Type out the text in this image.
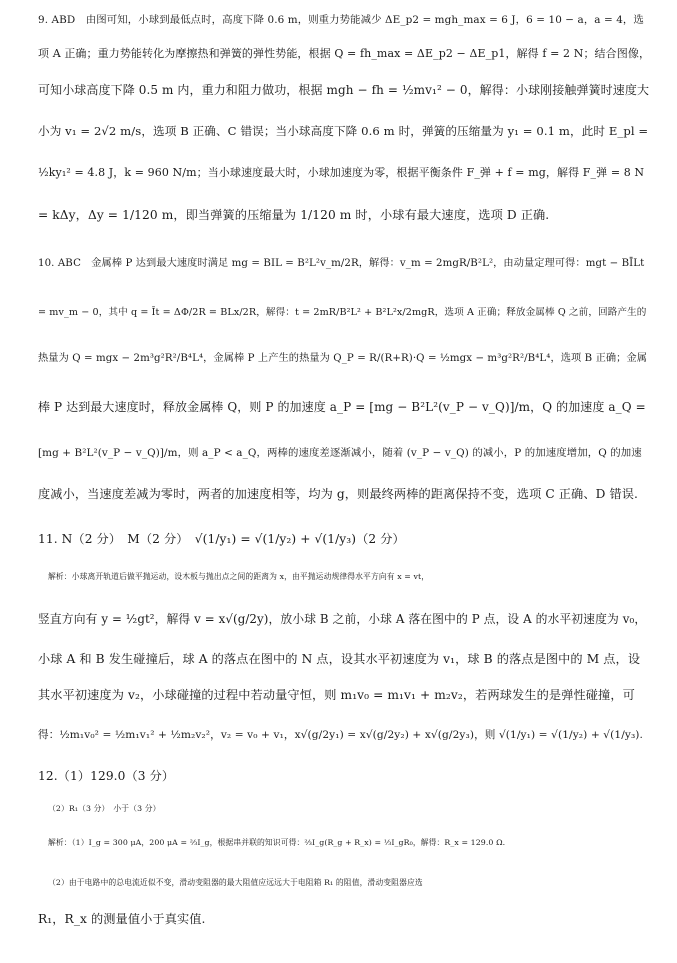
9. ABD　由图可知，小球到最低点时，高度下降 0.6 m，则重力势能减少 ΔE_p2 = mgh_max = 6 J，6 = 10 − a，a = 4，选
项 A 正确；重力势能转化为摩擦热和弹簧的弹性势能，根据 Q = fh_max = ΔE_p2 − ΔE_p1，解得 f = 2 N；结合图像，
可知小球高度下降 0.5 m 内，重力和阻力做功，根据 mgh − fh = ½mv₁² − 0，解得：小球刚接触弹簧时速度大
小为 v₁ = 2√2 m/s，选项 B 正确、C 错误；当小球高度下降 0.6 m 时，弹簧的压缩量为 y₁ = 0.1 m，此时 E_pl =
½ky₁² = 4.8 J，k = 960 N/m；当小球速度最大时，小球加速度为零，根据平衡条件 F_弹 + f = mg，解得 F_弹 = 8 N
= kΔy，Δy = 1/120 m，即当弹簧的压缩量为 1/120 m 时，小球有最大速度，选项 D 正确.
10. ABC　金属棒 P 达到最大速度时满足 mg = BIL = B²L²v_m/2R，解得：v_m = 2mgR/B²L²，由动量定理可得：mgt − BĪLt
= mv_m − 0，其中 q = Īt = ΔΦ/2R = BLx/2R，解得：t = 2mR/B²L² + B²L²x/2mgR，选项 A 正确；释放金属棒 Q 之前，回路产生的
热量为 Q = mgx − 2m³g²R²/B⁴L⁴，金属棒 P 上产生的热量为 Q_P = R/(R+R)·Q = ½mgx − m³g²R²/B⁴L⁴，选项 B 正确；金属
棒 P 达到最大速度时，释放金属棒 Q，则 P 的加速度 a_P = [mg − B²L²(v_P − v_Q)]/m，Q 的加速度 a_Q =
[mg + B²L²(v_P − v_Q)]/m，则 a_P < a_Q，两棒的速度差逐渐减小，随着 (v_P − v_Q) 的减小，P 的加速度增加，Q 的加速
度减小，当速度差减为零时，两者的加速度相等，均为 g，则最终两棒的距离保持不变，选项 C 正确、D 错误.
11. N（2 分）　M（2 分）　√(1/y₁) = √(1/y₂) + √(1/y₃)（2 分）
解析：小球离开轨道后做平抛运动，设木板与抛出点之间的距离为 x，由平抛运动规律得水平方向有 x = vt，
竖直方向有 y = ½gt²，解得 v = x√(g/2y)，放小球 B 之前，小球 A 落在图中的 P 点，设 A 的水平初速度为 v₀，
小球 A 和 B 发生碰撞后，球 A 的落点在图中的 N 点，设其水平初速度为 v₁，球 B 的落点是图中的 M 点，设
其水平初速度为 v₂，小球碰撞的过程中若动量守恒，则 m₁v₀ = m₁v₁ + m₂v₂，若两球发生的是弹性碰撞，可
得：½m₁v₀² = ½m₁v₁² + ½m₂v₂²，v₂ = v₀ + v₁，x√(g/2y₁) = x√(g/2y₂) + x√(g/2y₃)，则 √(1/y₁) = √(1/y₂) + √(1/y₃).
12.（1）129.0（3 分）
（2）R₁（3 分）　小于（3 分）
解析：（1）I_g = 300 μA，200 μA = ⅔I_g，根据串并联的知识可得：⅔I_g(R_g + R_x) = ⅓I_gR₀，解得：R_x = 129.0 Ω.
（2）由于电路中的总电流近似不变，滑动变阻器的最大阻值应远远大于电阻箱 R₁ 的阻值，滑动变阻器应选
R₁，R_x 的测量值小于真实值.
